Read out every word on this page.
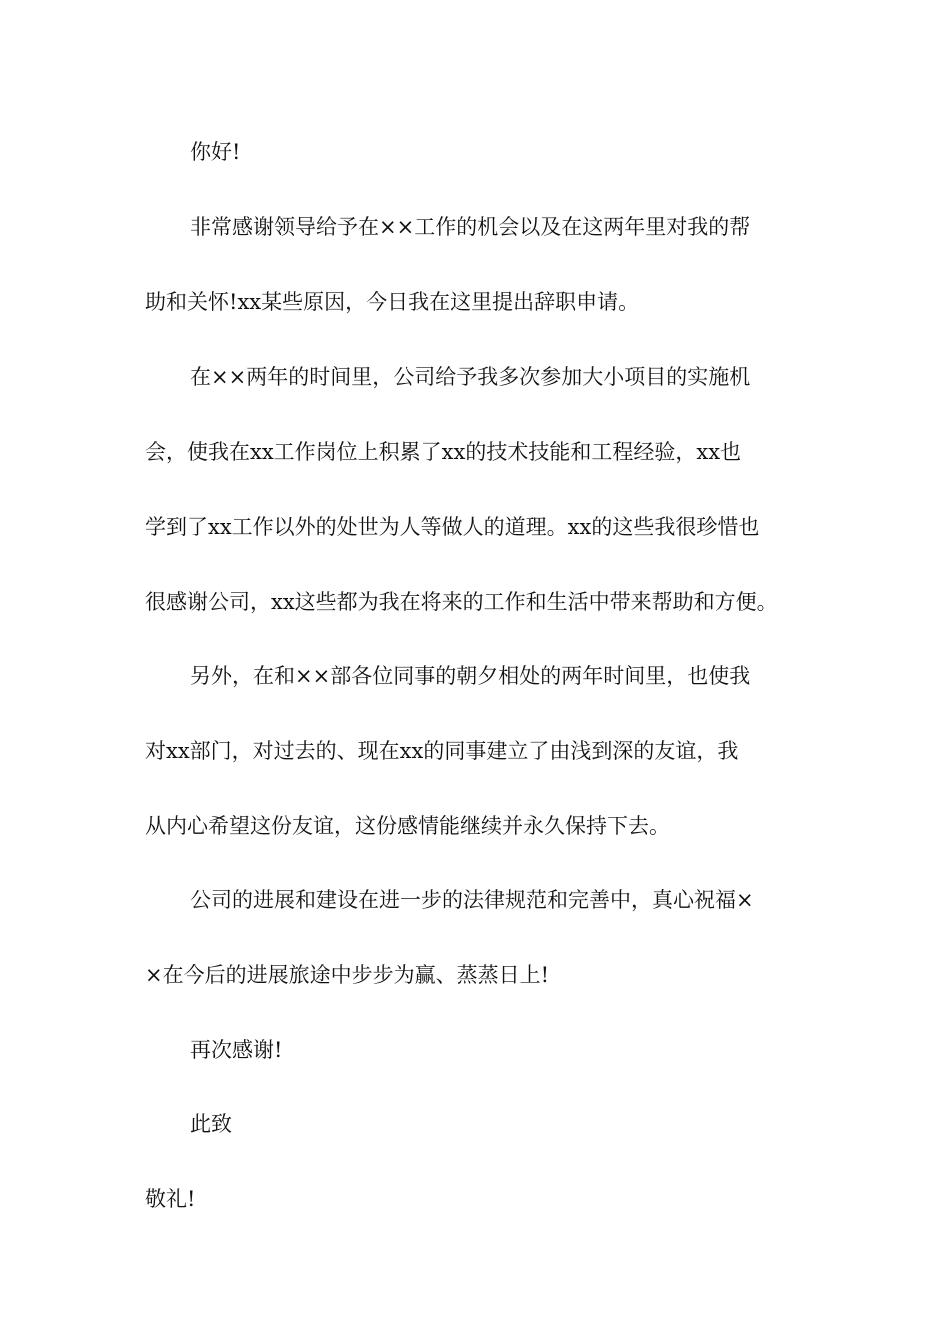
你好!
非常感谢领导给予在××工作的机会以及在这两年里对我的帮
助和关怀!xx某些原因，今日我在这里提出辞职申请。
在××两年的时间里，公司给予我多次参加大小项目的实施机
会，使我在xx工作岗位上积累了xx的技术技能和工程经验，xx也
学到了xx工作以外的处世为人等做人的道理。xx的这些我很珍惜也
很感谢公司，xx这些都为我在将来的工作和生活中带来帮助和方便。
另外，在和××部各位同事的朝夕相处的两年时间里，也使我
对xx部门，对过去的、现在xx的同事建立了由浅到深的友谊，我
从内心希望这份友谊，这份感情能继续并永久保持下去。
公司的进展和建设在进一步的法律规范和完善中，真心祝福×
×在今后的进展旅途中步步为赢、蒸蒸日上!
再次感谢!
此致
敬礼!
